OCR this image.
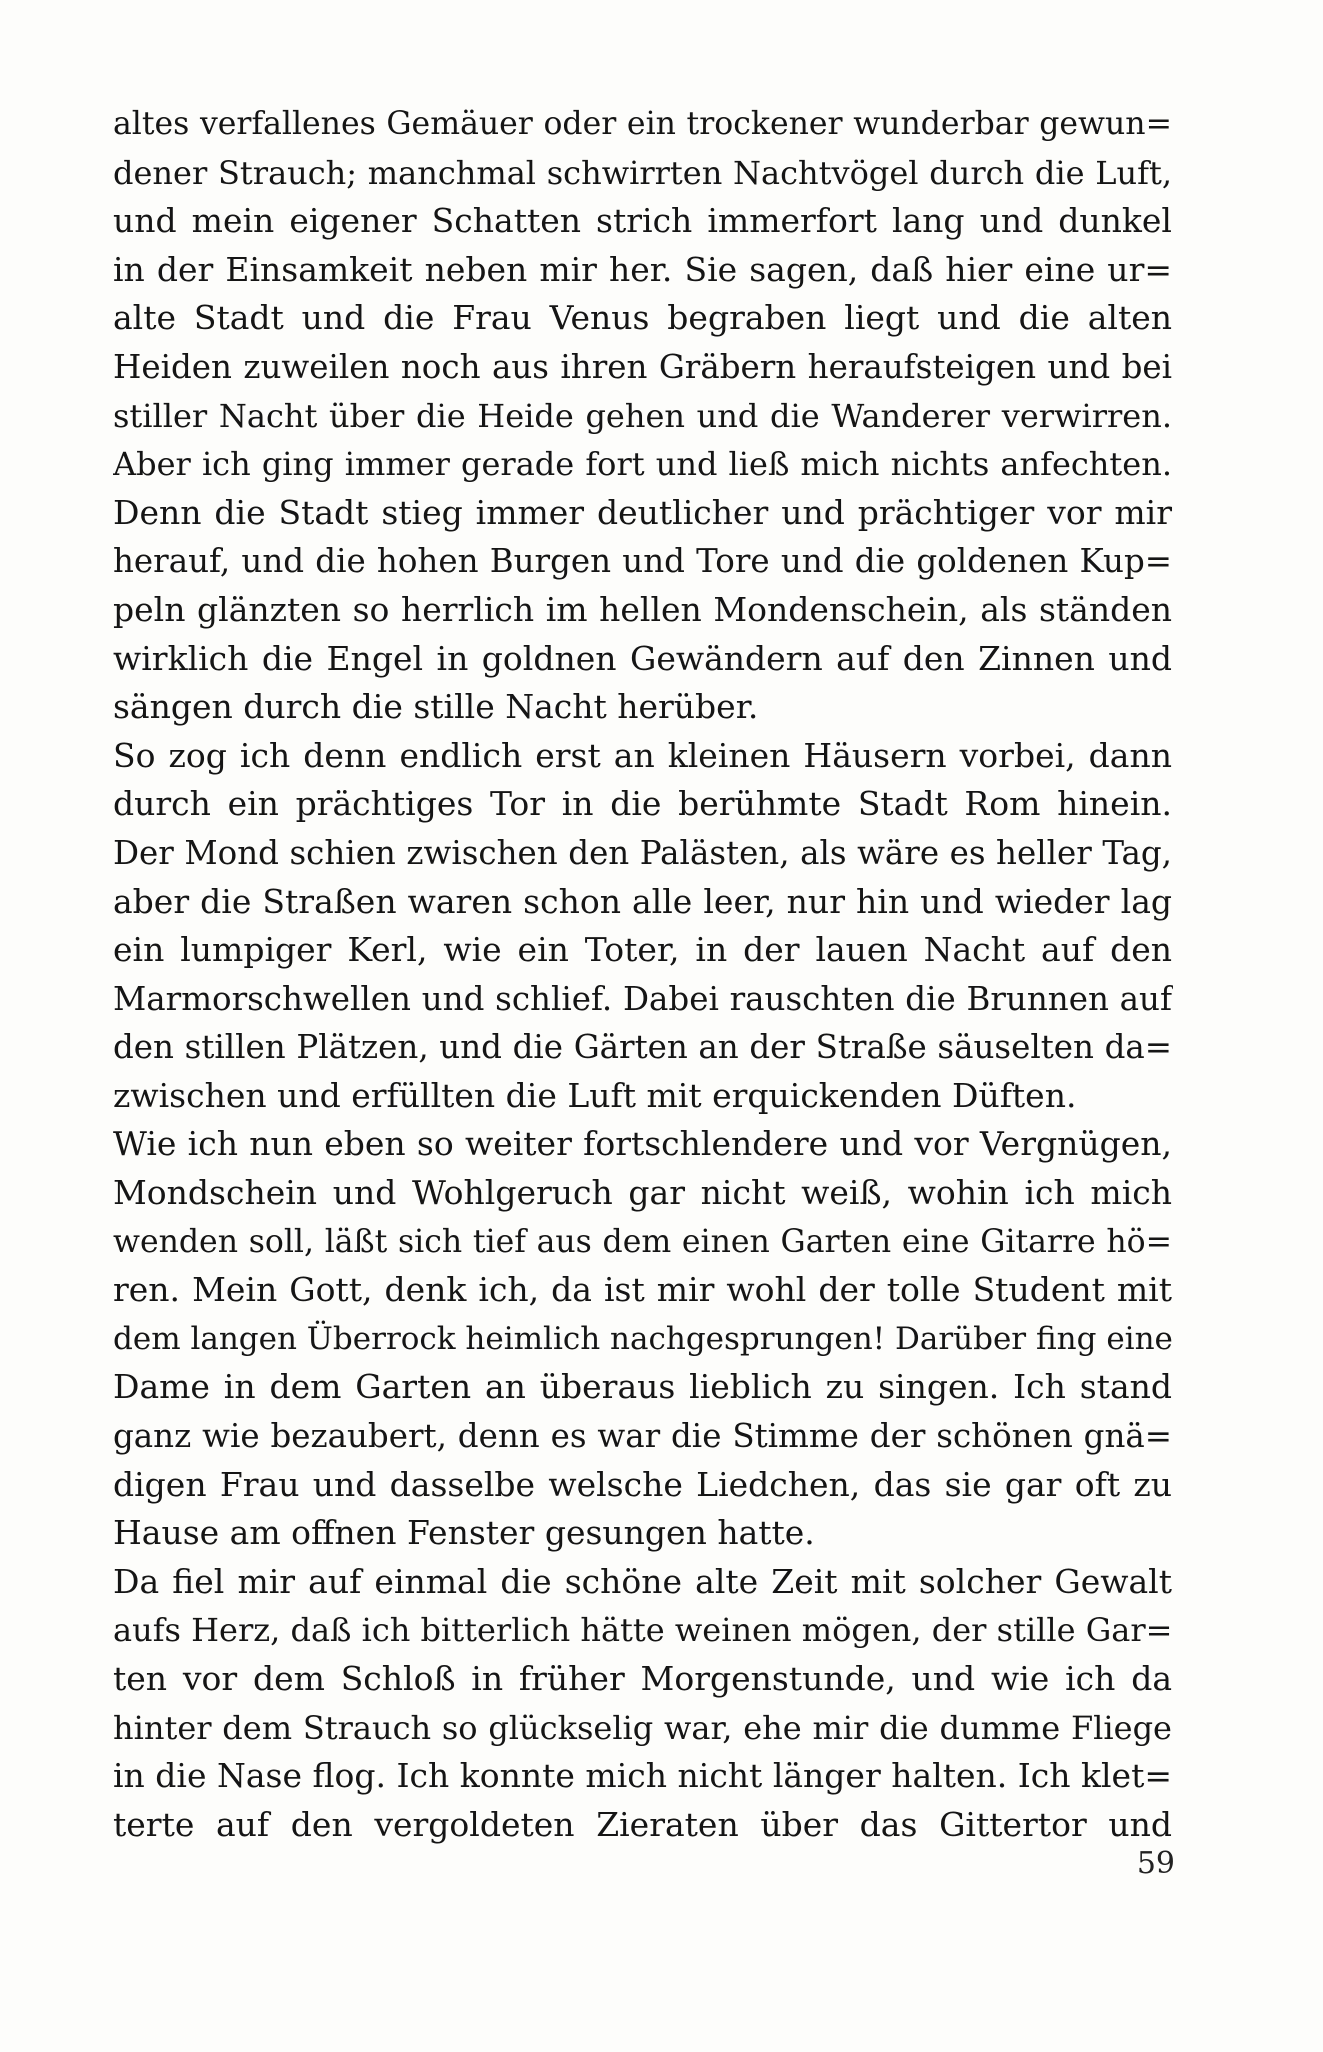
altes verfallenes Gemäuer oder ein trockener wunderbar gewun=
dener Strauch; manchmal schwirrten Nachtvögel durch die Luft,
und mein eigener Schatten strich immerfort lang und dunkel
in der Einsamkeit neben mir her. Sie sagen, daß hier eine ur=
alte Stadt und die Frau Venus begraben liegt und die alten
Heiden zuweilen noch aus ihren Gräbern heraufsteigen und bei
stiller Nacht über die Heide gehen und die Wanderer verwirren.
Aber ich ging immer gerade fort und ließ mich nichts anfechten.
Denn die Stadt stieg immer deutlicher und prächtiger vor mir
herauf, und die hohen Burgen und Tore und die goldenen Kup=
peln glänzten so herrlich im hellen Mondenschein, als ständen
wirklich die Engel in goldnen Gewändern auf den Zinnen und
sängen durch die stille Nacht herüber.
So zog ich denn endlich erst an kleinen Häusern vorbei, dann
durch ein prächtiges Tor in die berühmte Stadt Rom hinein.
Der Mond schien zwischen den Palästen, als wäre es heller Tag,
aber die Straßen waren schon alle leer, nur hin und wieder lag
ein lumpiger Kerl, wie ein Toter, in der lauen Nacht auf den
Marmorschwellen und schlief. Dabei rauschten die Brunnen auf
den stillen Plätzen, und die Gärten an der Straße säuselten da=
zwischen und erfüllten die Luft mit erquickenden Düften.
Wie ich nun eben so weiter fortschlendere und vor Vergnügen,
Mondschein und Wohlgeruch gar nicht weiß, wohin ich mich
wenden soll, läßt sich tief aus dem einen Garten eine Gitarre hö=
ren. Mein Gott, denk ich, da ist mir wohl der tolle Student mit
dem langen Überrock heimlich nachgesprungen! Darüber fing eine
Dame in dem Garten an überaus lieblich zu singen. Ich stand
ganz wie bezaubert, denn es war die Stimme der schönen gnä=
digen Frau und dasselbe welsche Liedchen, das sie gar oft zu
Hause am offnen Fenster gesungen hatte.
Da fiel mir auf einmal die schöne alte Zeit mit solcher Gewalt
aufs Herz, daß ich bitterlich hätte weinen mögen, der stille Gar=
ten vor dem Schloß in früher Morgenstunde, und wie ich da
hinter dem Strauch so glückselig war, ehe mir die dumme Fliege
in die Nase flog. Ich konnte mich nicht länger halten. Ich klet=
terte auf den vergoldeten Zieraten über das Gittertor und
59
